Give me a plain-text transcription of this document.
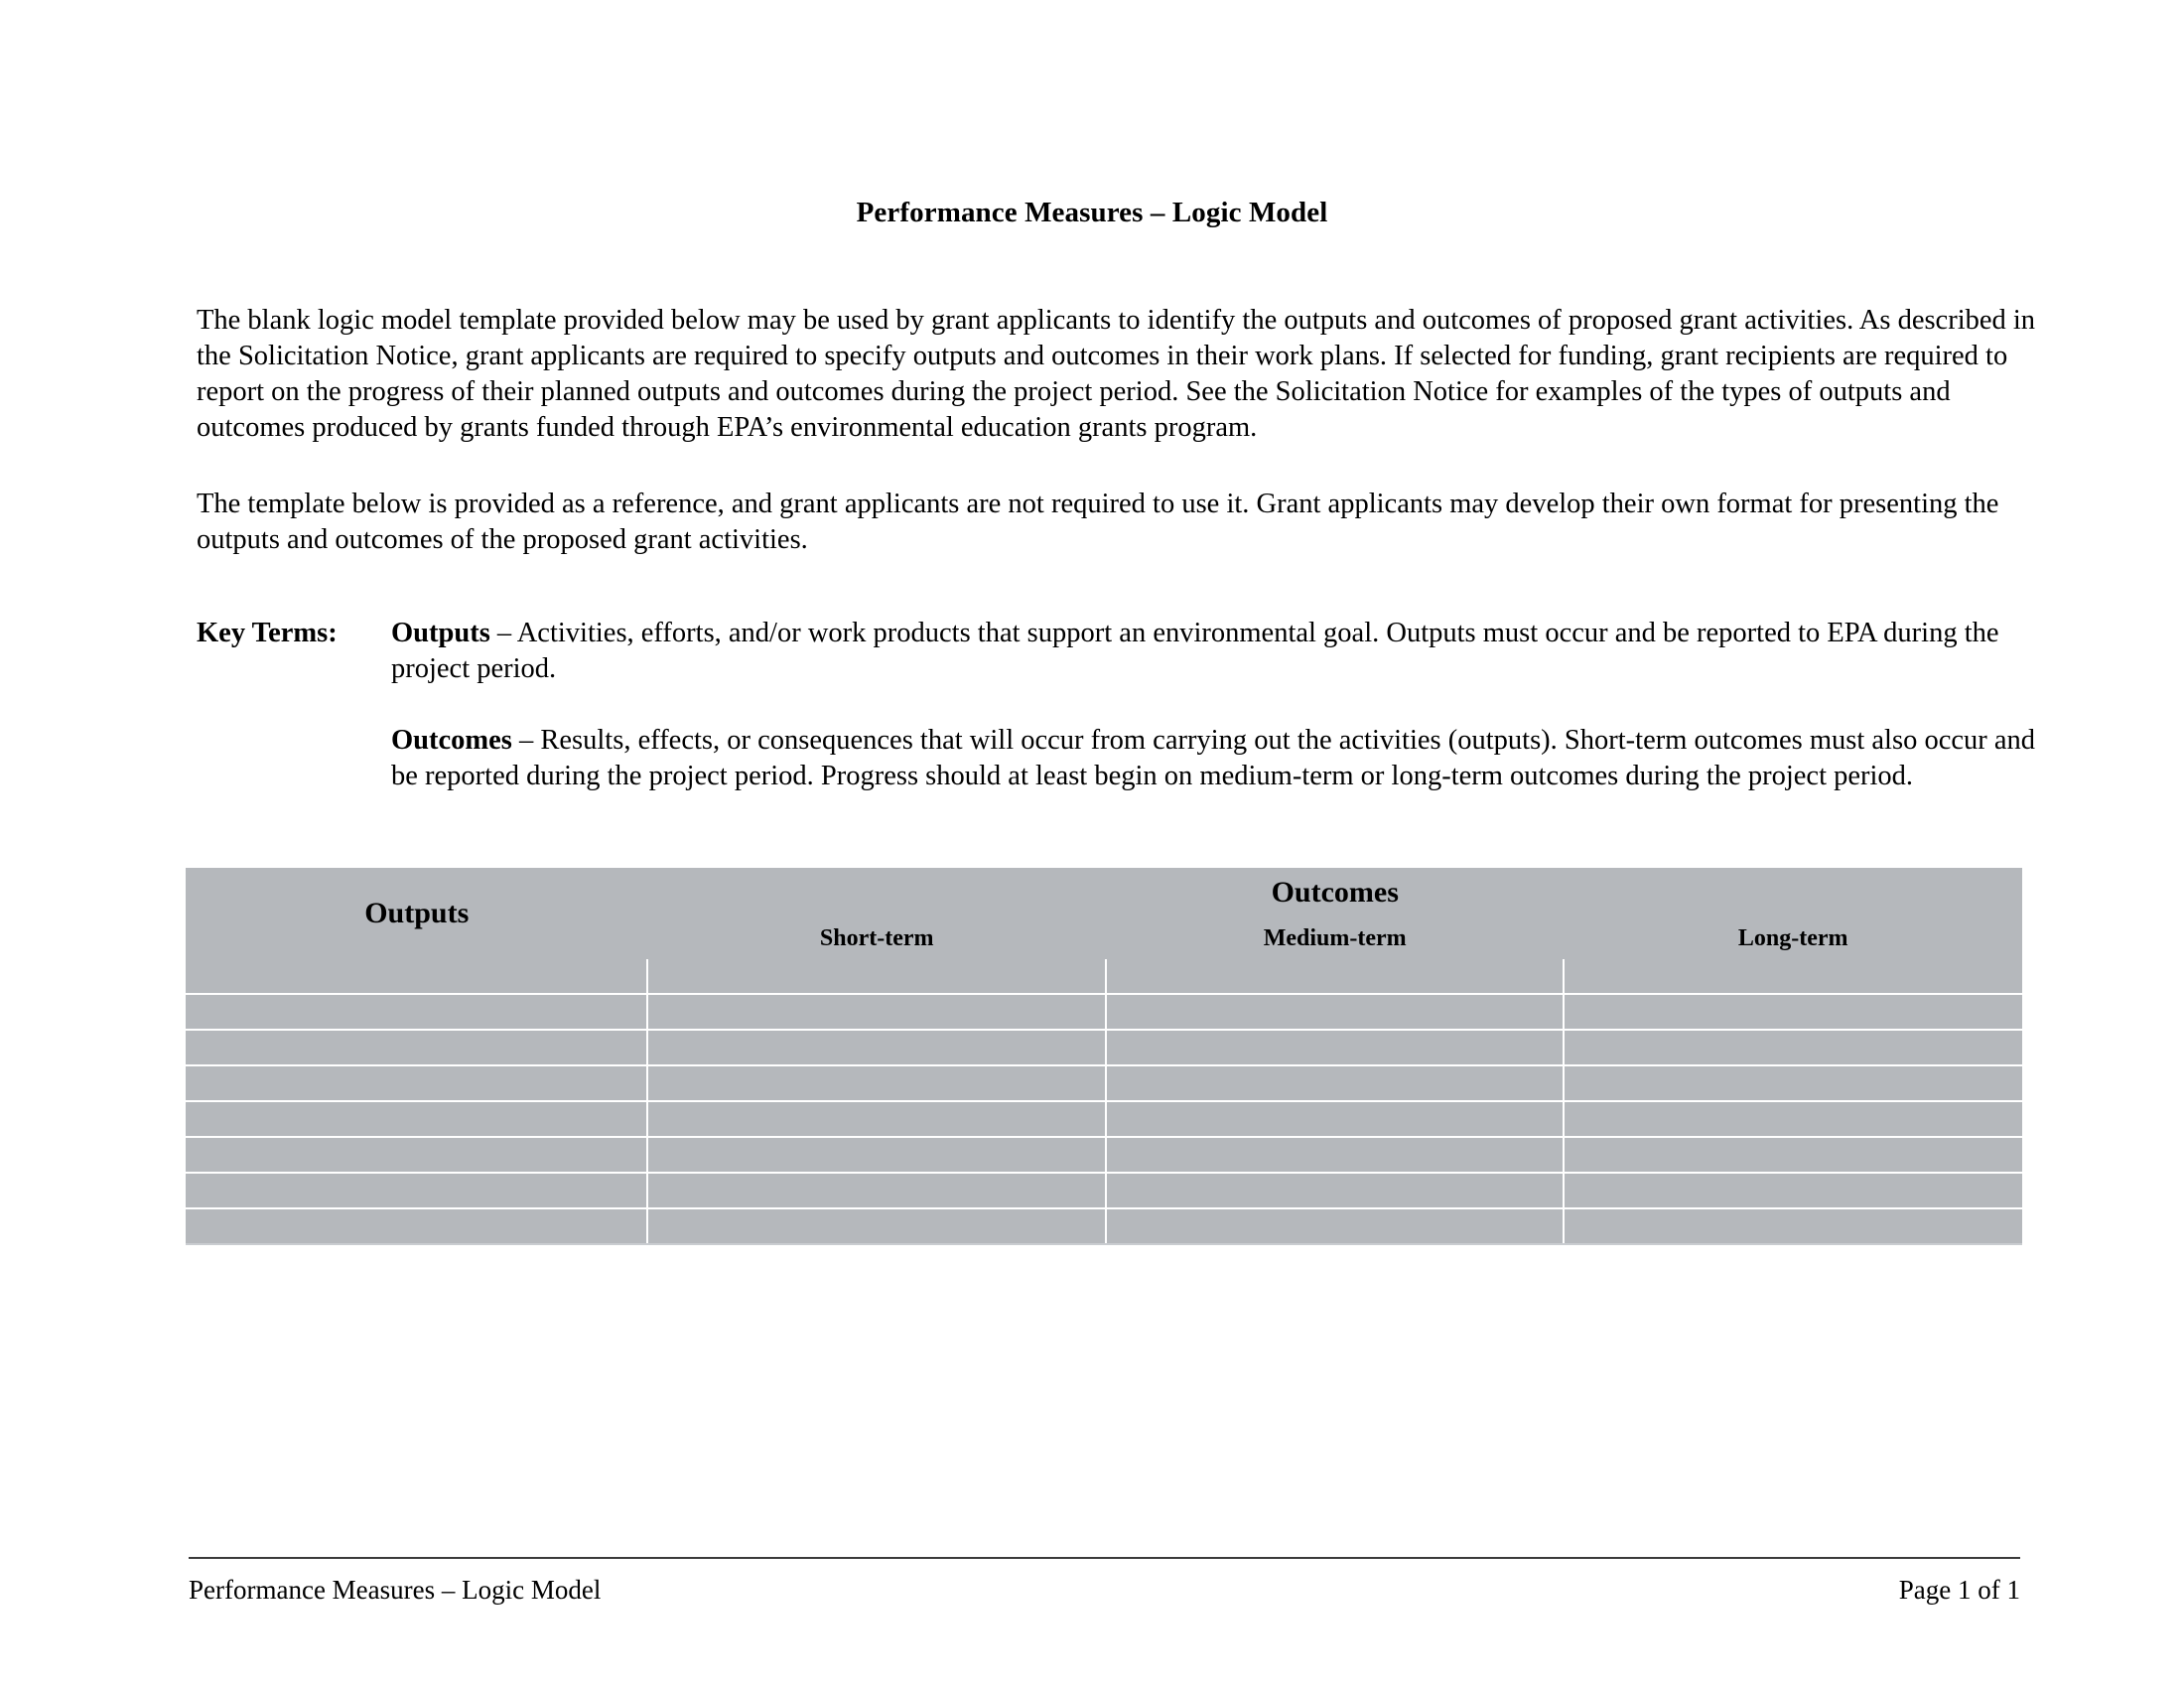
Performance Measures – Logic Model
The blank logic model template provided below may be used by grant applicants to identify the outputs and outcomes of proposed grant activities. As described in the Solicitation Notice, grant applicants are required to specify outputs and outcomes in their work plans. If selected for funding, grant recipients are required to report on the progress of their planned outputs and outcomes during the project period. See the Solicitation Notice for examples of the types of outputs and outcomes produced by grants funded through EPA’s environmental education grants program.
The template below is provided as a reference, and grant applicants are not required to use it. Grant applicants may develop their own format for presenting the outputs and outcomes of the proposed grant activities.
Key Terms:	Outputs – Activities, efforts, and/or work products that support an environmental goal. Outputs must occur and be reported to EPA during the project period.
Outcomes – Results, effects, or consequences that will occur from carrying out the activities (outputs). Short-term outcomes must also occur and be reported during the project period. Progress should at least begin on medium-term or long-term outcomes during the project period.
Outputs	Outcomes		
	Short-term	Medium-term	Long-term

Performance Measures – Logic Model	Page 1 of 1
